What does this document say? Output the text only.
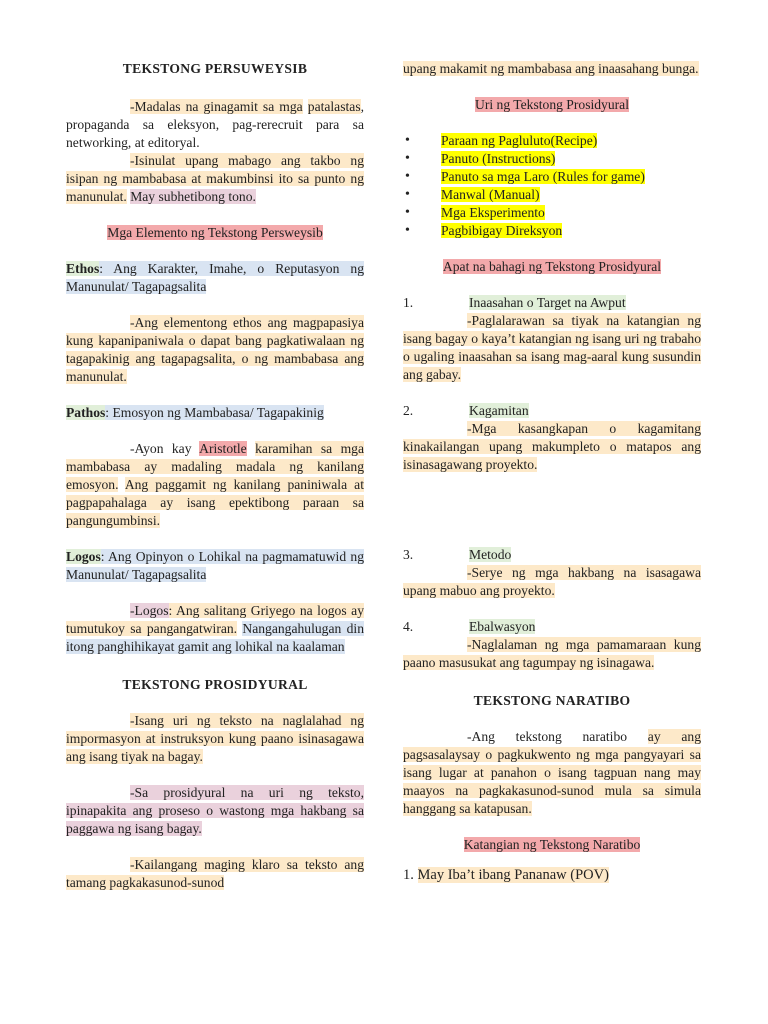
TEKSTONG PERSUWEYSIB

-Madalas na ginagamit sa mga patalastas, propaganda sa eleksyon, pag-rerecruit para sa networking, at editoryal.

-Isinulat upang mabago ang takbo ng isipan ng mambabasa at makumbinsi ito sa punto ng manunulat. May subhetibong tono.

Mga Elemento ng Tekstong Persweysib

Ethos: Ang Karakter, Imahe, o Reputasyon ng Manunulat/ Tagapagsalita

-Ang elementong ethos ang magpapasiya kung kapanipaniwala o dapat bang pagkatiwalaan ng tagapakinig ang tagapagsalita, o ng mambabasa ang manunulat.

Pathos: Emosyon ng Mambabasa/ Tagapakinig

-Ayon kay Aristotle karamihan sa mga mambabasa ay madaling madala ng kanilang emosyon. Ang paggamit ng kanilang paniniwala at pagpapahalaga ay isang epektibong paraan sa pangungumbinsi.

Logos: Ang Opinyon o Lohikal na pagmamatuwid ng Manunulat/ Tagapagsalita

-Logos: Ang salitang Griyego na logos ay tumutukoy sa pangangatwiran. Nangangahulugan din itong panghihikayat gamit ang lohikal na kaalaman

TEKSTONG PROSIDYURAL

-Isang uri ng teksto na naglalahad ng impormasyon at instruksyon kung paano isinasagawa ang isang tiyak na bagay.

-Sa prosidyural na uri ng teksto, ipinapakita ang proseso o wastong mga hakbang sa paggawa ng isang bagay.

-Kailangang maging klaro sa teksto ang tamang pagkakasunod-sunod

upang makamit ng mambabasa ang inaasahang bunga.

Uri ng Tekstong Prosidyural

• Paraan ng Pagluluto(Recipe)
• Panuto (Instructions)
• Panuto sa mga Laro (Rules for game)
• Manwal (Manual)
• Mga Eksperimento
• Pagbibigay Direksyon

Apat na bahagi ng Tekstong Prosidyural

1.	Inaasahan o Target na Awput

-Paglalarawan sa tiyak na katangian ng isang bagay o kaya’t katangian ng isang uri ng trabaho o ugaling inaasahan sa isang mag-aaral kung susundin ang gabay.

2.	Kagamitan

-Mga kasangkapan o kagamitang kinakailangan upang makumpleto o matapos ang isinasagawang proyekto.

3.	Metodo

-Serye ng mga hakbang na isasagawa upang mabuo ang proyekto.

4.	Ebalwasyon

-Naglalaman ng mga pamamaraan kung paano masusukat ang tagumpay ng isinagawa.

TEKSTONG NARATIBO

-Ang tekstong naratibo ay ang pagsasalaysay o pagkukwento ng mga pangyayari sa isang lugar at panahon o isang tagpuan nang may maayos na pagkakasunod-sunod mula sa simula hanggang sa katapusan.

Katangian ng Tekstong Naratibo

1. May Iba’t ibang Pananaw (POV)
